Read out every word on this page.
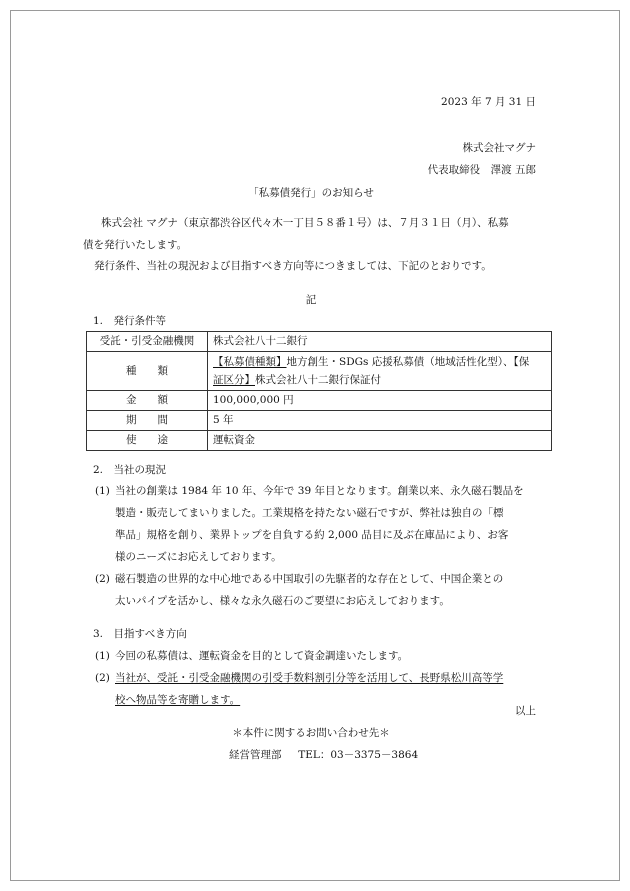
2023 年 7 月 31 日
株式会社マグナ
代表取締役　澤渡 五郎
「私募債発行」のお知らせ
株式会社 マグナ（東京都渋谷区代々木一丁目５８番１号）は、７月３１日（月）、私募
債を発行いたします。
発行条件、当社の現況および目指すべき方向等につきましては、下記のとおりです。
記
1.　発行条件等
受託・引受金融機関	株式会社八十二銀行
種　　類	【私募債種類】地方創生・SDGs 応援私募債（地域活性化型）、【保
証区分】株式会社八十二銀行保証付
金　　額	100,000,000 円
期　　間	5 年
使　　途	運転資金
2.　当社の現況
(1) 当社の創業は 1984 年 10 年、今年で 39 年目となります。創業以来、永久磁石製品を
製造・販売してまいりました。工業規格を持たない磁石ですが、弊社は独自の「標
準品」規格を創り、業界トップを自負する約 2,000 品目に及ぶ在庫品により、お客
様のニーズにお応えしております。
(2) 磁石製造の世界的な中心地である中国取引の先駆者的な存在として、中国企業との
太いパイプを活かし、様々な永久磁石のご要望にお応えしております。
3.　目指すべき方向
(1) 今回の私募債は、運転資金を目的として資金調達いたします。
(2) 当社が、受託・引受金融機関の引受手数料割引分等を活用して、長野県松川高等学
校へ物品等を寄贈します。
以上
＊本件に関するお問い合わせ先＊
経営管理部 TEL：03－3375－3864
